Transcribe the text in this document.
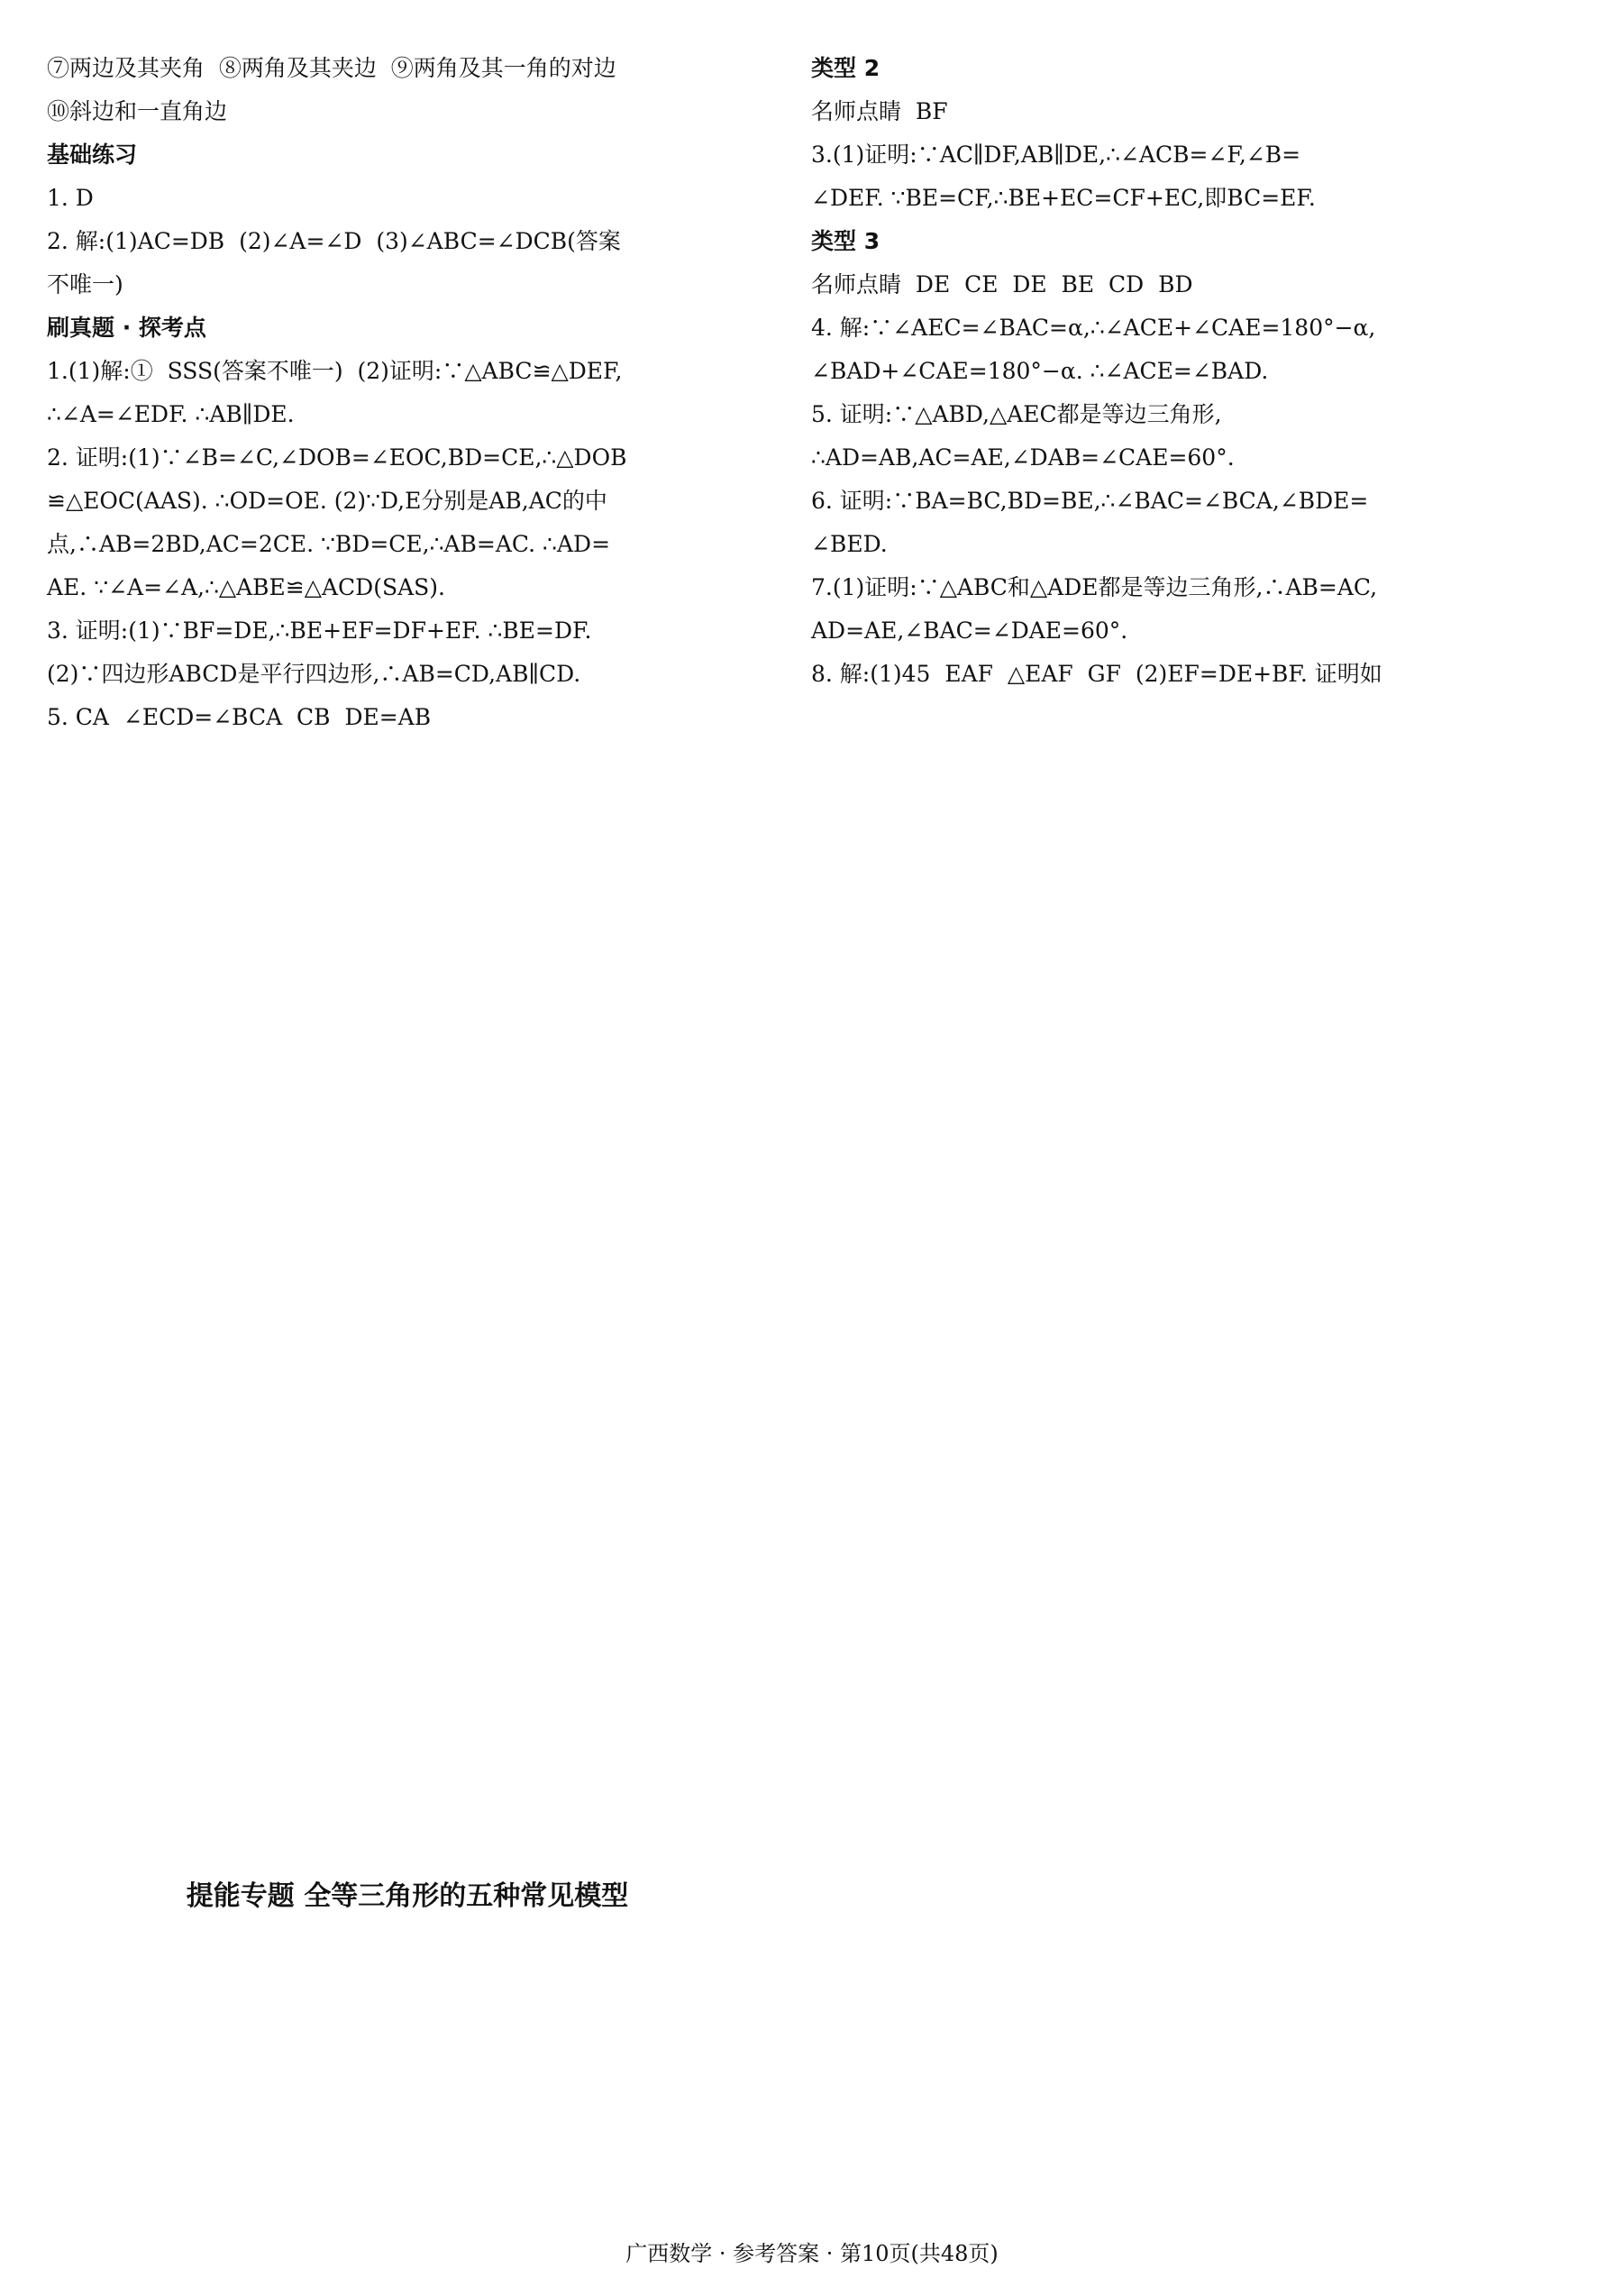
⑦两边及其夹角  ⑧两角及其夹边  ⑨两角及其一角的对边
⑩斜边和一直角边
基础练习
1. D
2. 解:(1)AC=DB  (2)∠A=∠D  (3)∠ABC=∠DCB(答案
不唯一)
刷真题 · 探考点
1.(1)解:①  SSS(答案不唯一)  (2)证明:∵△ABC≌△DEF,
∴∠A=∠EDF. ∴AB∥DE.
2. 证明:(1)∵∠B=∠C,∠DOB=∠EOC,BD=CE,∴△DOB
≌△EOC(AAS). ∴OD=OE. (2)∵D,E分别是AB,AC的中
点,∴AB=2BD,AC=2CE. ∵BD=CE,∴AB=AC. ∴AD=
AE. ∵∠A=∠A,∴△ABE≌△ACD(SAS).
3. 证明:(1)∵BF=DE,∴BE+EF=DF+EF. ∴BE=DF.
(2)∵四边形ABCD是平行四边形,∴AB=CD,AB∥CD.
5. CA  ∠ECD=∠BCA  CB  DE=AB
提能专题 全等三角形的五种常见模型
类型 2
名师点睛  BF
3.(1)证明:∵AC∥DF,AB∥DE,∴∠ACB=∠F,∠B=
∠DEF. ∵BE=CF,∴BE+EC=CF+EC,即BC=EF.
类型 3
名师点睛  DE  CE  DE  BE  CD  BD
4. 解:∵∠AEC=∠BAC=α,∴∠ACE+∠CAE=180°−α,
∠BAD+∠CAE=180°−α. ∴∠ACE=∠BAD.
5. 证明:∵△ABD,△AEC都是等边三角形,
∴AD=AB,AC=AE,∠DAB=∠CAE=60°.
6. 证明:∵BA=BC,BD=BE,∴∠BAC=∠BCA,∠BDE=
∠BED.
7.(1)证明:∵△ABC和△ADE都是等边三角形,∴AB=AC,
AD=AE,∠BAC=∠DAE=60°.
8. 解:(1)45  EAF  △EAF  GF  (2)EF=DE+BF. 证明如
广西数学 · 参考答案 · 第10页(共48页)
